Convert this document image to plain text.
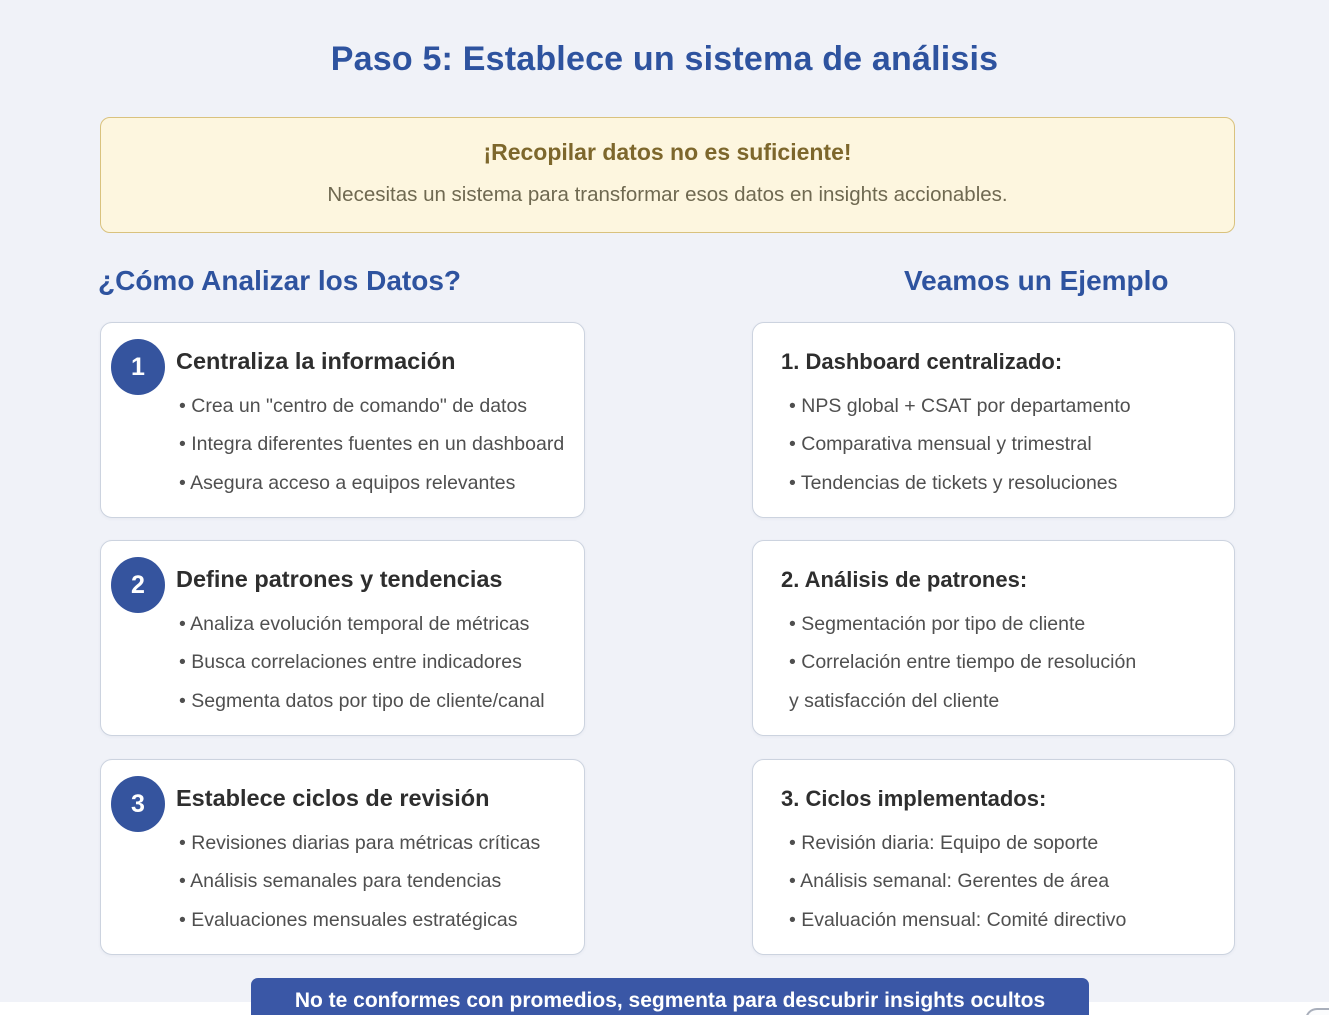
Paso 5: Establece un sistema de análisis
¡Recopilar datos no es suficiente!
Necesitas un sistema para transformar esos datos en insights accionables.
¿Cómo Analizar los Datos?	Veamos un Ejemplo
1	Centraliza la información
• Crea un "centro de comando" de datos
• Integra diferentes fuentes en un dashboard
• Asegura acceso a equipos relevantes
2	Define patrones y tendencias
• Analiza evolución temporal de métricas
• Busca correlaciones entre indicadores
• Segmenta datos por tipo de cliente/canal
3	Establece ciclos de revisión
• Revisiones diarias para métricas críticas
• Análisis semanales para tendencias
• Evaluaciones mensuales estratégicas
1. Dashboard centralizado:
• NPS global + CSAT por departamento
• Comparativa mensual y trimestral
• Tendencias de tickets y resoluciones
2. Análisis de patrones:
• Segmentación por tipo de cliente
• Correlación entre tiempo de resolución
y satisfacción del cliente
3. Ciclos implementados:
• Revisión diaria: Equipo de soporte
• Análisis semanal: Gerentes de área
• Evaluación mensual: Comité directivo
No te conformes con promedios, segmenta para descubrir insights ocultos
